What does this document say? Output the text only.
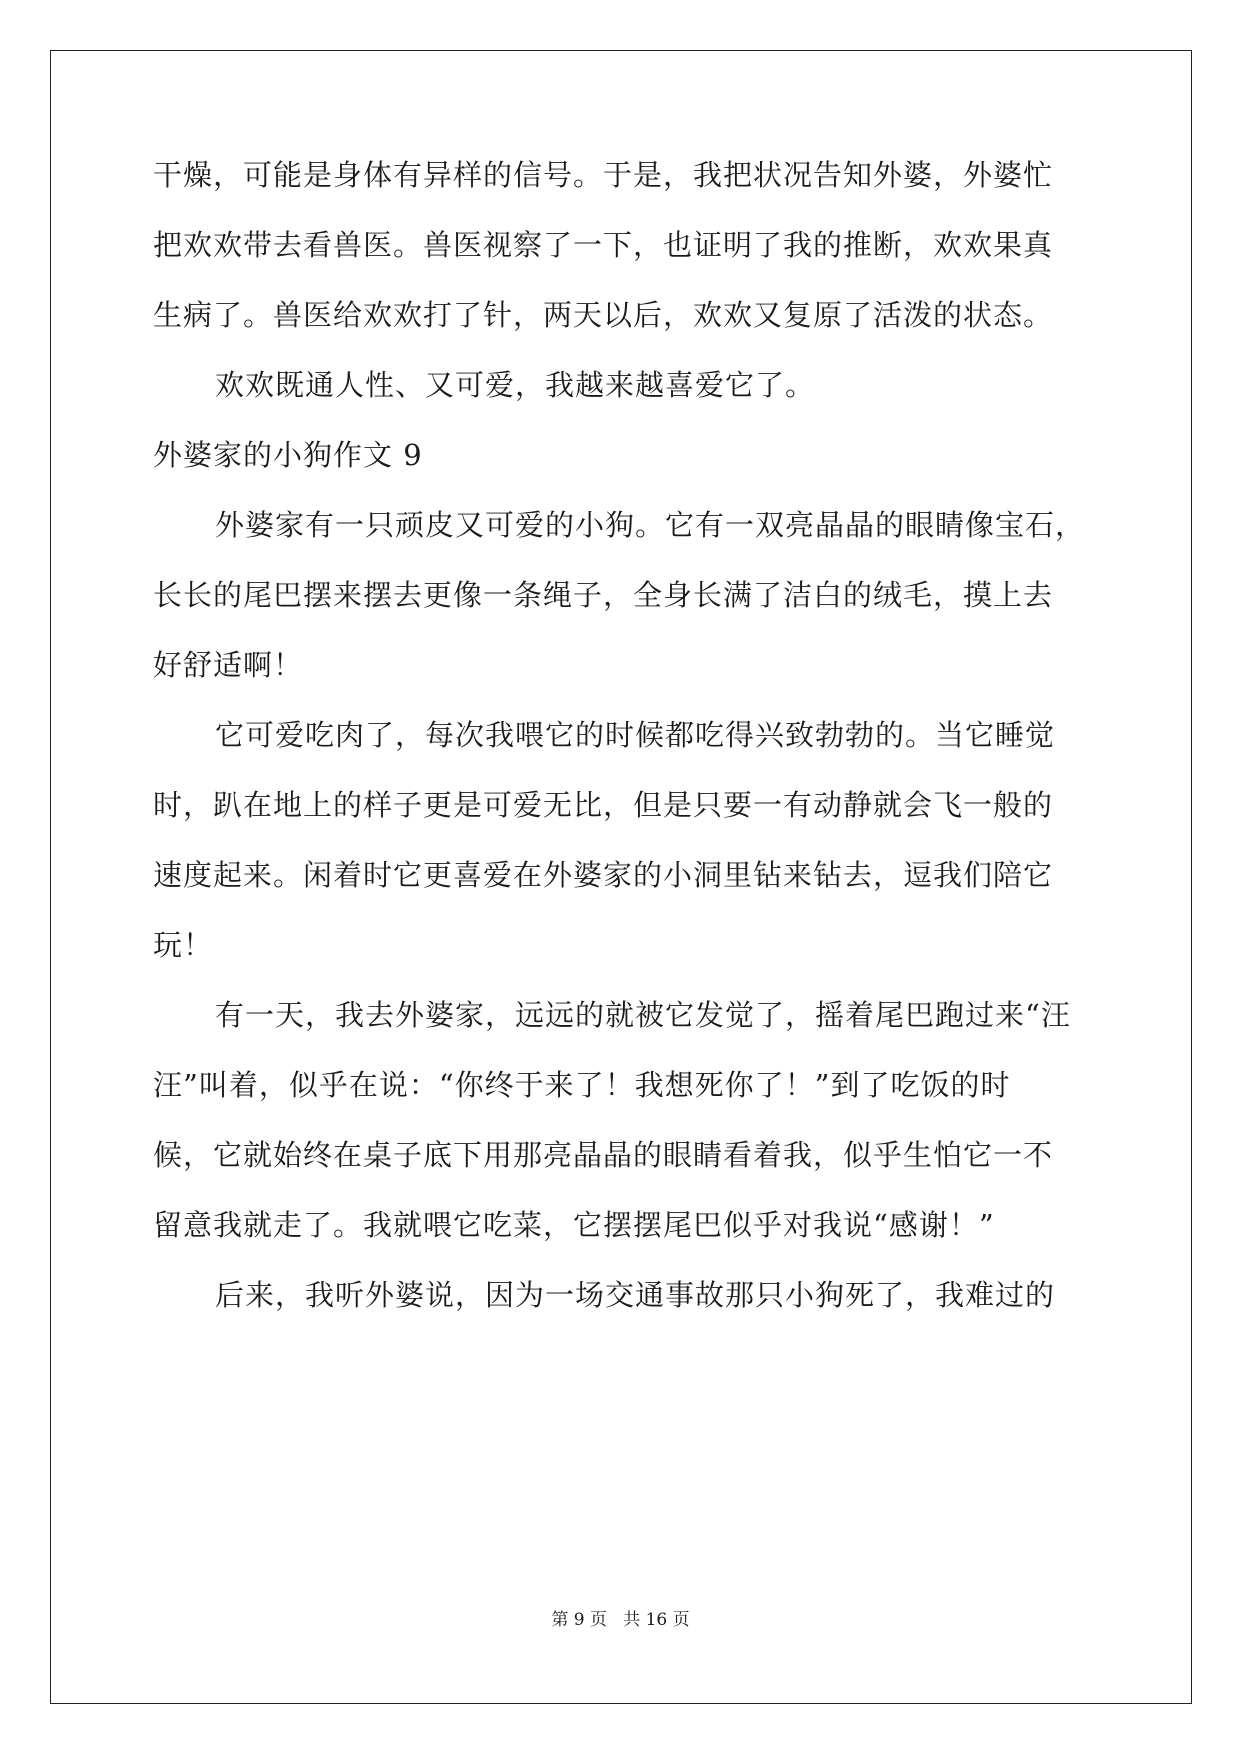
干燥，可能是身体有异样的信号。于是，我把状况告知外婆，外婆忙
把欢欢带去看兽医。兽医视察了一下，也证明了我的推断，欢欢果真
生病了。兽医给欢欢打了针，两天以后，欢欢又复原了活泼的状态。
欢欢既通人性、又可爱，我越来越喜爱它了。
外婆家的小狗作文 9
外婆家有一只顽皮又可爱的小狗。它有一双亮晶晶的眼睛像宝石，
长长的尾巴摆来摆去更像一条绳子，全身长满了洁白的绒毛，摸上去
好舒适啊！
它可爱吃肉了，每次我喂它的时候都吃得兴致勃勃的。当它睡觉
时，趴在地上的样子更是可爱无比，但是只要一有动静就会飞一般的
速度起来。闲着时它更喜爱在外婆家的小洞里钻来钻去，逗我们陪它
玩！
有一天，我去外婆家，远远的就被它发觉了，摇着尾巴跑过来“汪
汪”叫着，似乎在说：“你终于来了！我想死你了！”到了吃饭的时
候，它就始终在桌子底下用那亮晶晶的眼睛看着我，似乎生怕它一不
留意我就走了。我就喂它吃菜，它摆摆尾巴似乎对我说“感谢！”
后来，我听外婆说，因为一场交通事故那只小狗死了，我难过的
第 9 页   共 16 页
